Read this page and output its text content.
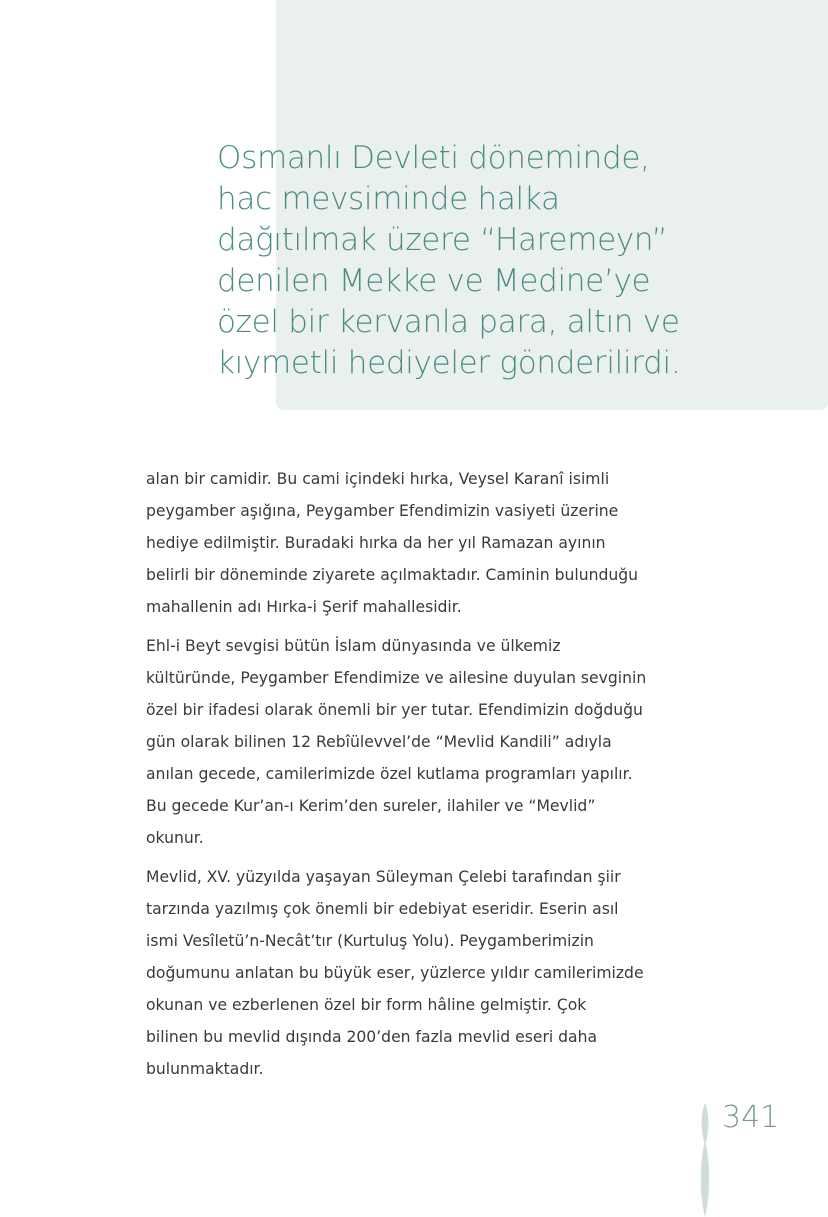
Osmanlı Devleti döneminde,
hac mevsiminde halka
dağıtılmak üzere “Haremeyn”
denilen Mekke ve Medine’ye
özel bir kervanla para, altın ve
kıymetli hediyeler gönderilirdi.
alan bir camidir. Bu cami içindeki hırka, Veysel Karanî isimli
peygamber aşığına, Peygamber Efendimizin vasiyeti üzerine
hediye edilmiştir. Buradaki hırka da her yıl Ramazan ayının
belirli bir döneminde ziyarete açılmaktadır. Caminin bulunduğu
mahallenin adı Hırka-i Şerif mahallesidir.
Ehl-i Beyt sevgisi bütün İslam dünyasında ve ülkemiz
kültüründe, Peygamber Efendimize ve ailesine duyulan sevginin
özel bir ifadesi olarak önemli bir yer tutar. Efendimizin doğduğu
gün olarak bilinen 12 Rebîülevvel’de “Mevlid Kandili” adıyla
anılan gecede, camilerimizde özel kutlama programları yapılır.
Bu gecede Kur’an-ı Kerim’den sureler, ilahiler ve “Mevlid”
okunur.
Mevlid, XV. yüzyılda yaşayan Süleyman Çelebi tarafından şiir
tarzında yazılmış çok önemli bir edebiyat eseridir. Eserin asıl
ismi Vesîletü’n-Necât’tır (Kurtuluş Yolu). Peygamberimizin
doğumunu anlatan bu büyük eser, yüzlerce yıldır camilerimizde
okunan ve ezberlenen özel bir form hâline gelmiştir. Çok
bilinen bu mevlid dışında 200’den fazla mevlid eseri daha
bulunmaktadır.
341
